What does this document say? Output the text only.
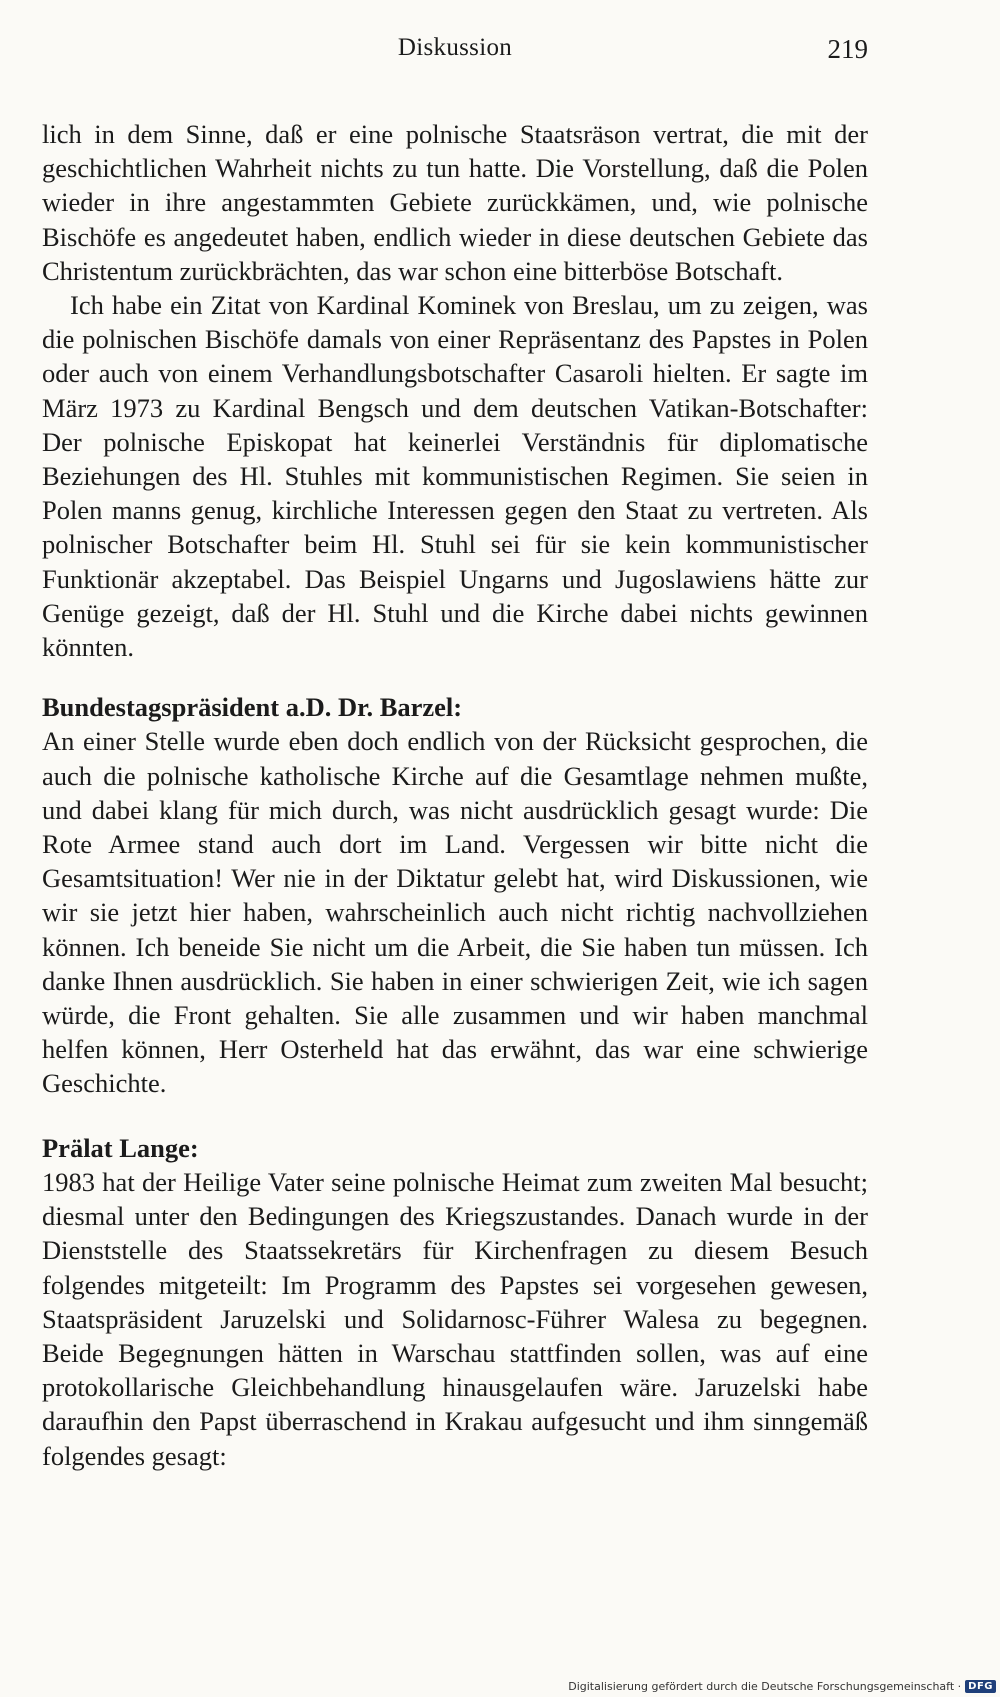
Diskussion	219

lich in dem Sinne, daß er eine polnische Staatsräson vertrat, die mit der geschichtlichen Wahrheit nichts zu tun hatte. Die Vorstellung, daß die Polen wieder in ihre angestammten Gebiete zurückkämen, und, wie polnische Bischöfe es angedeutet haben, endlich wieder in diese deutschen Gebiete das Christentum zurückbrächten, das war schon eine bitterböse Botschaft.

Ich habe ein Zitat von Kardinal Kominek von Breslau, um zu zeigen, was die polnischen Bischöfe damals von einer Repräsentanz des Papstes in Polen oder auch von einem Verhandlungsbotschafter Casaroli hielten. Er sagte im März 1973 zu Kardinal Bengsch und dem deutschen Vatikan-Botschafter: Der polnische Episkopat hat keinerlei Verständnis für diplomatische Beziehungen des Hl. Stuhles mit kommunistischen Regimen. Sie seien in Polen manns genug, kirchliche Interessen gegen den Staat zu vertreten. Als polnischer Botschafter beim Hl. Stuhl sei für sie kein kommunistischer Funktionär akzeptabel. Das Beispiel Ungarns und Jugoslawiens hätte zur Genüge gezeigt, daß der Hl. Stuhl und die Kirche dabei nichts gewinnen könnten.

Bundestagspräsident a.D. Dr. Barzel:

An einer Stelle wurde eben doch endlich von der Rücksicht gesprochen, die auch die polnische katholische Kirche auf die Gesamtlage nehmen mußte, und dabei klang für mich durch, was nicht ausdrücklich gesagt wurde: Die Rote Armee stand auch dort im Land. Vergessen wir bitte nicht die Gesamtsituation! Wer nie in der Diktatur gelebt hat, wird Diskussionen, wie wir sie jetzt hier haben, wahrscheinlich auch nicht richtig nachvollziehen können. Ich beneide Sie nicht um die Arbeit, die Sie haben tun müssen. Ich danke Ihnen ausdrücklich. Sie haben in einer schwierigen Zeit, wie ich sagen würde, die Front gehalten. Sie alle zusammen und wir haben manchmal helfen können, Herr Osterheld hat das erwähnt, das war eine schwierige Geschichte.

Prälat Lange:

1983 hat der Heilige Vater seine polnische Heimat zum zweiten Mal besucht; diesmal unter den Bedingungen des Kriegszustandes. Danach wurde in der Dienststelle des Staatssekretärs für Kirchenfragen zu diesem Besuch folgendes mitgeteilt: Im Programm des Papstes sei vorgesehen gewesen, Staatspräsident Jaruzelski und Solidarnosc-Führer Walesa zu begegnen. Beide Begegnungen hätten in Warschau stattfinden sollen, was auf eine protokollarische Gleichbehandlung hinausgelaufen wäre. Jaruzelski habe daraufhin den Papst überraschend in Krakau aufgesucht und ihm sinngemäß folgendes gesagt:

Digitalisierung gefördert durch die Deutsche Forschungsgemeinschaft · DFG
